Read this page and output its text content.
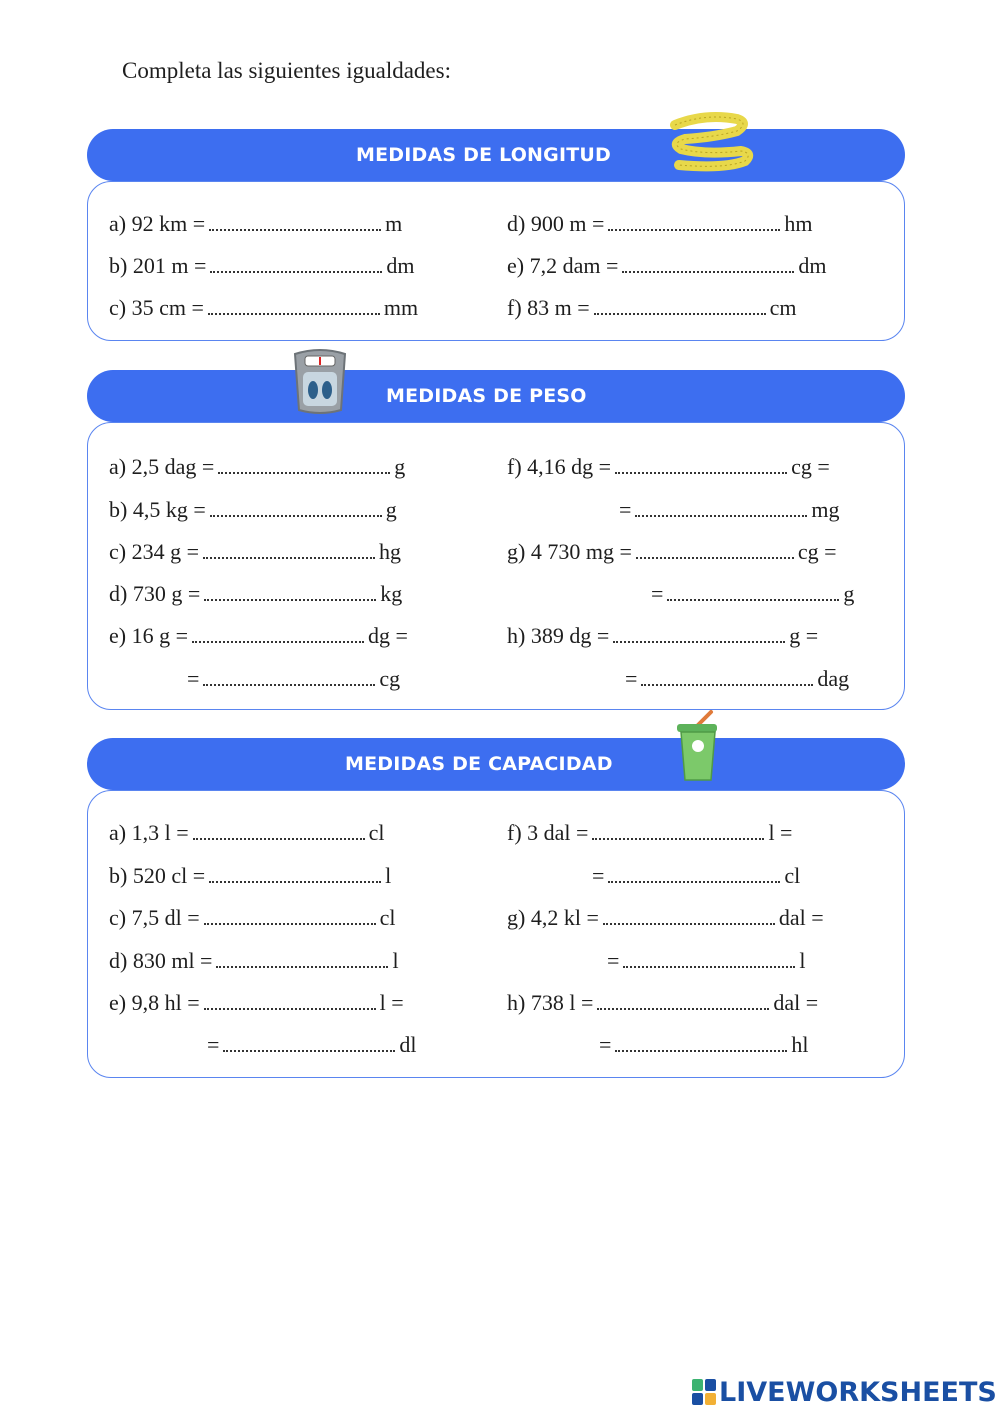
Completa las siguientes igualdades:
MEDIDAS DE LONGITUD
a) 92 km =	m
b) 201 m =	dm
c) 35 cm =	mm
d) 900 m =	hm
e) 7,2 dam =	dm
f) 83 m =	cm
MEDIDAS DE PESO
a) 2,5 dag =	g
b) 4,5 kg =	g
c) 234 g =	hg
d) 730 g =	kg
e) 16 g =	dg =
=	cg
f) 4,16 dg =	cg =
=	mg
g) 4 730 mg =	cg =
=	g
h) 389 dg =	g =
=	dag
MEDIDAS DE CAPACIDAD
a) 1,3 l =	cl
b) 520 cl =	l
c) 7,5 dl =	cl
d) 830 ml =	l
e) 9,8 hl =	l =
=	dl
f) 3 dal =	l =
=	cl
g) 4,2 kl =	dal =
=	l
h) 738 l =	dal =
=	hl
LIVEWORKSHEETS
